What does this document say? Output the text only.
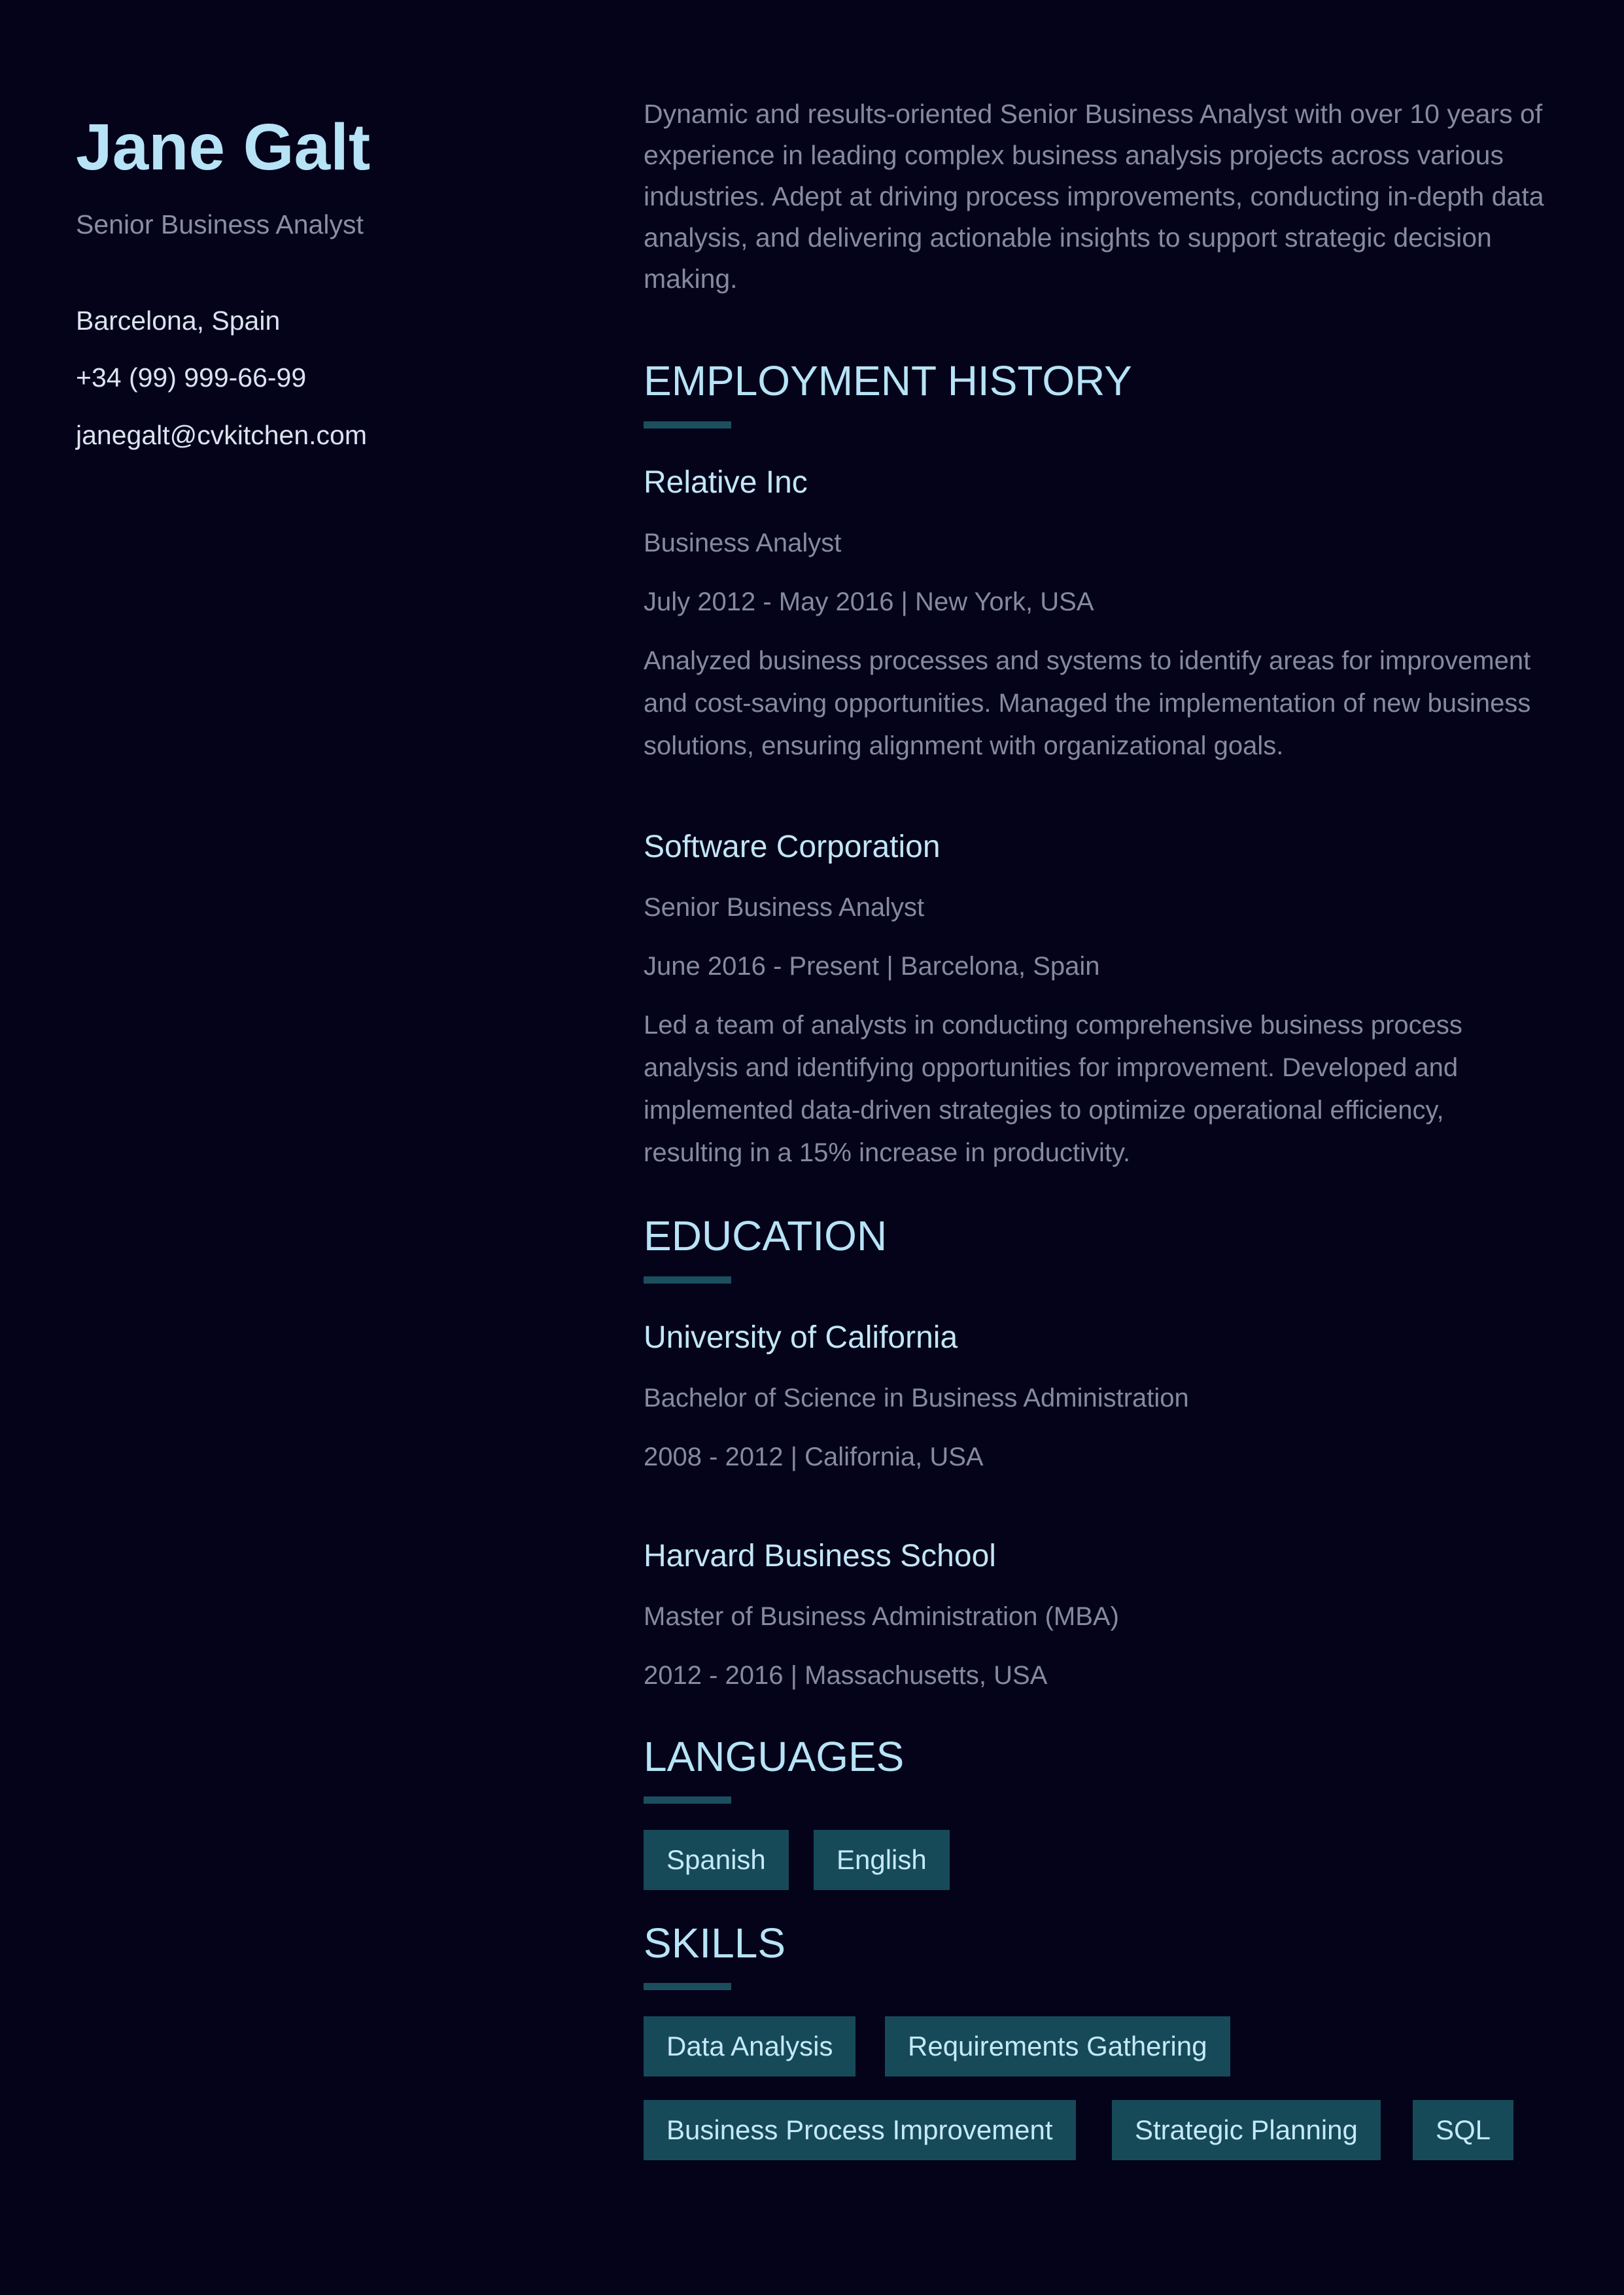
Jane Galt
Senior Business Analyst
Barcelona, Spain
+34 (99) 999-66-99
janegalt@cvkitchen.com

Dynamic and results-oriented Senior Business Analyst with over 10 years of experience in leading complex business analysis projects across various industries. Adept at driving process improvements, conducting in-depth data analysis, and delivering actionable insights to support strategic decision making.

EMPLOYMENT HISTORY
Relative Inc
Business Analyst
July 2012 - May 2016 | New York, USA

Analyzed business processes and systems to identify areas for improvement and cost-saving opportunities. Managed the implementation of new business solutions, ensuring alignment with organizational goals.

Software Corporation
Senior Business Analyst
June 2016 - Present | Barcelona, Spain

Led a team of analysts in conducting comprehensive business process analysis and identifying opportunities for improvement. Developed and implemented data-driven strategies to optimize operational efficiency, resulting in a 15% increase in productivity.

EDUCATION
University of California
Bachelor of Science in Business Administration
2008 - 2012 | California, USA
Harvard Business School
Master of Business Administration (MBA)
2012 - 2016 | Massachusetts, USA
LANGUAGES
Spanish	English
SKILLS
Data Analysis	Requirements Gathering
Business Process Improvement	Strategic Planning	SQL
